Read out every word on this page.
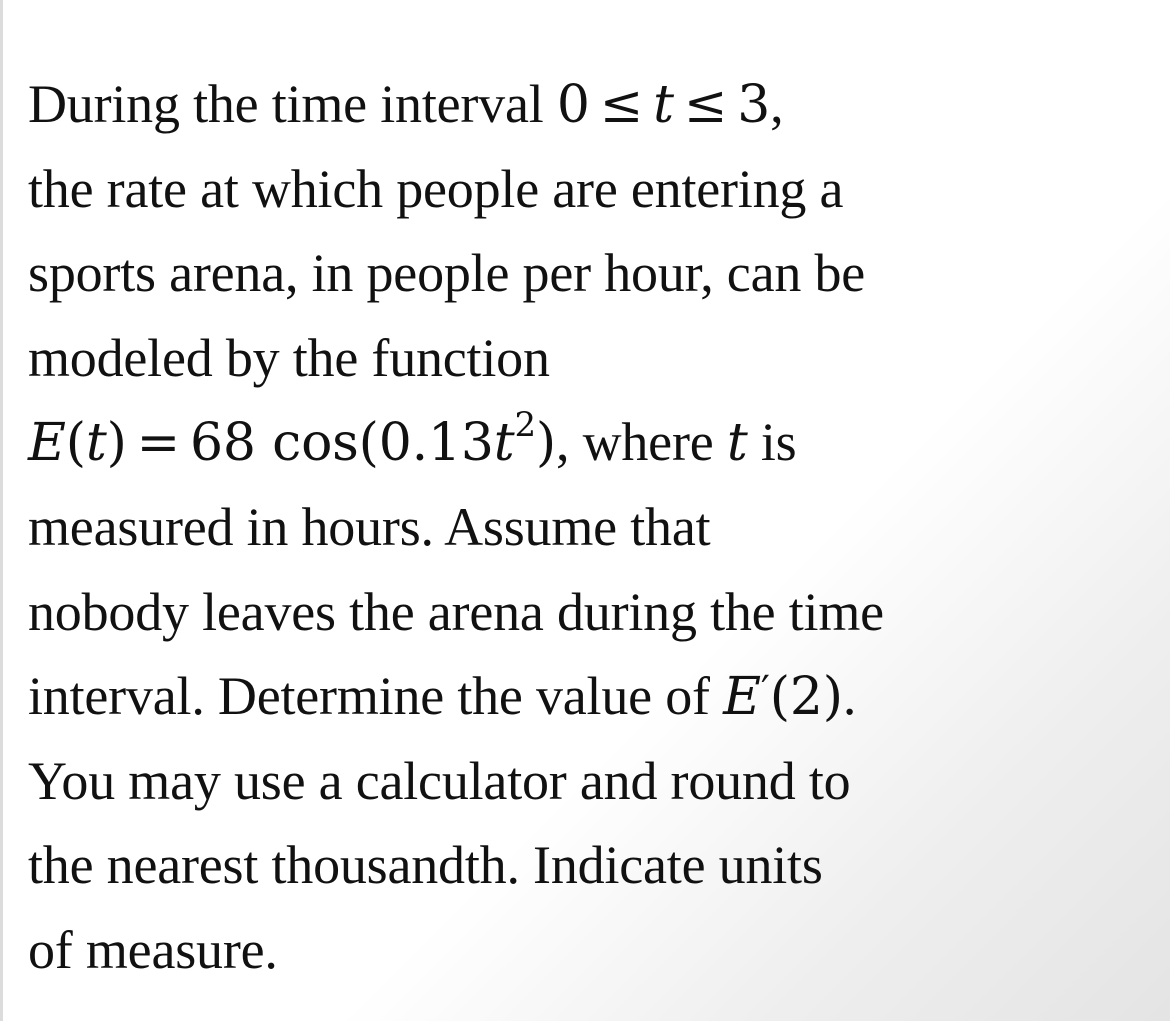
During the time interval 0 ≤ t ≤ 3,
the rate at which people are entering a
sports arena, in people per hour, can be
modeled by the function
E(t) = 68 $\cos(0.13t^2)$, where t is
measured in hours. Assume that
nobody leaves the arena during the time
interval. Determine the value of E′(2).
You may use a calculator and round to
the nearest thousandth. Indicate units
of measure.
